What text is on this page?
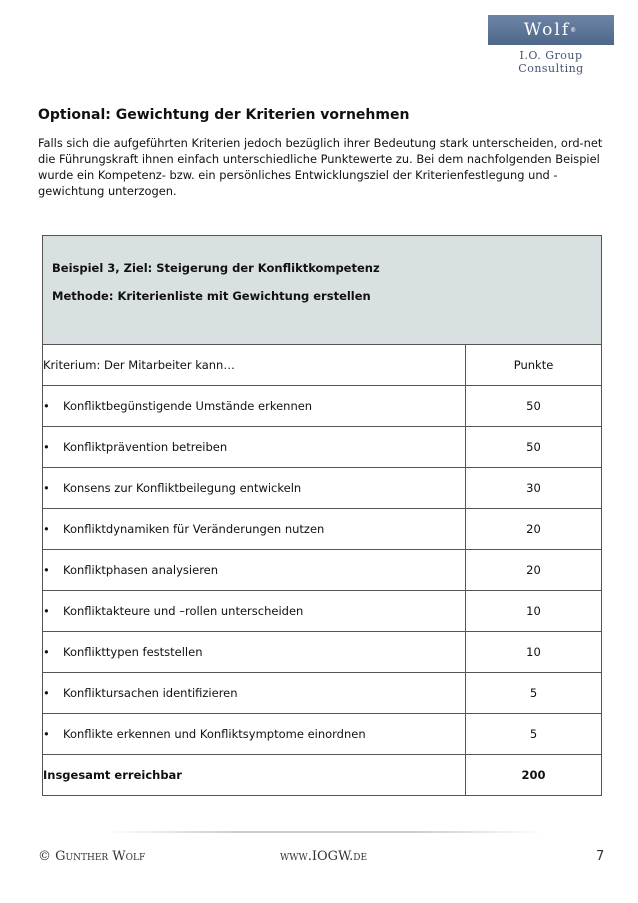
Wolf ®
I.O. Group
Consulting
Optional: Gewichtung der Kriterien vornehmen

Falls sich die aufgeführten Kriterien jedoch bezüglich ihrer Bedeutung stark unterscheiden, ord-net die Führungskraft ihnen einfach unterschiedliche Punktewerte zu. Bei dem nachfolgenden Beispiel wurde ein Kompetenz- bzw. ein persönliches Entwicklungsziel der Kriterienfestlegung und -gewichtung unterzogen.

Beispiel 3, Ziel: Steigerung der Konfliktkompetenz
Methode: Kriterienliste mit Gewichtung erstellen	

Kriterium: Der Mitarbeiter kann…	Punkte
• Konfliktbegünstigende Umstände erkennen	50
• Konfliktprävention betreiben	50
• Konsens zur Konfliktbeilegung entwickeln	30
• Konfliktdynamiken für Veränderungen nutzen	20
• Konfliktphasen analysieren	20
• Konfliktakteure und –rollen unterscheiden	10
• Konflikttypen feststellen	10
• Konfliktursachen identifizieren	5
• Konflikte erkennen und Konfliktsymptome einordnen	5
Insgesamt erreichbar	200
© Gunther Wolf	www.IOGW.de	7
